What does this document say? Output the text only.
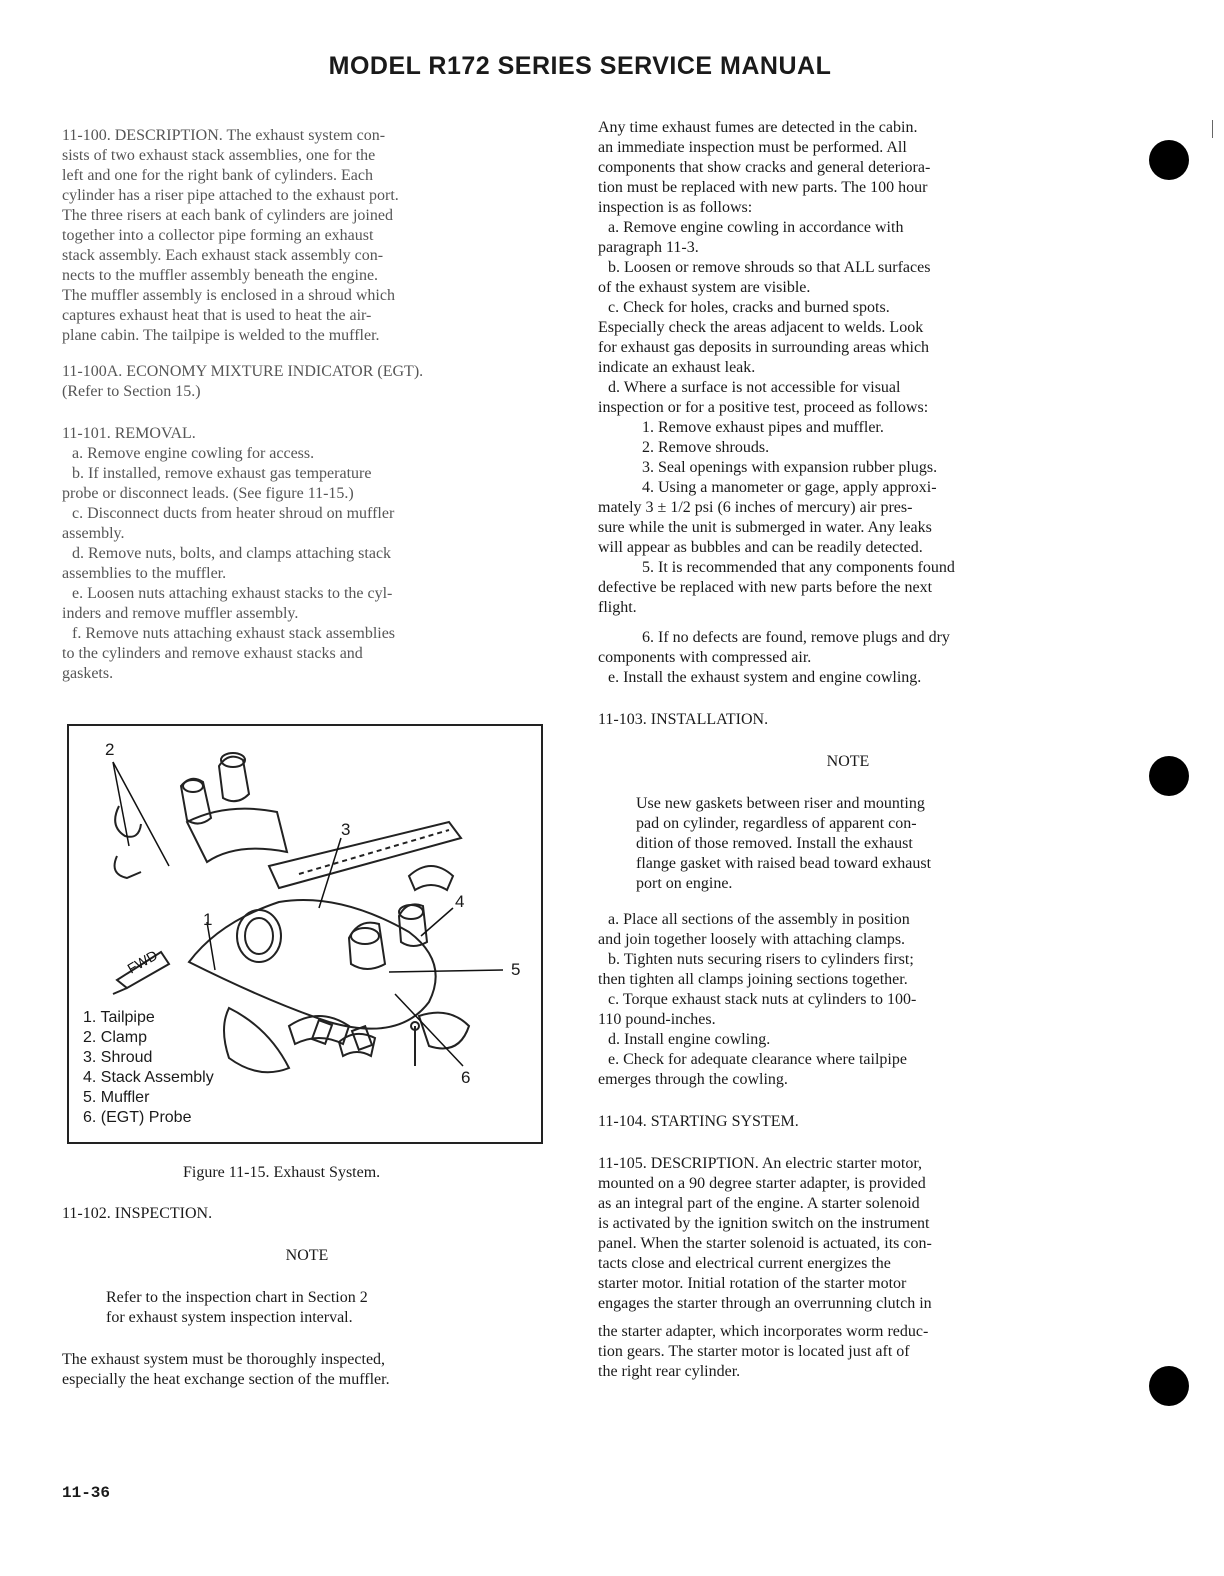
MODEL R172 SERIES SERVICE MANUAL
11-100. DESCRIPTION. The exhaust system con-
sists of two exhaust stack assemblies, one for the
left and one for the right bank of cylinders. Each
cylinder has a riser pipe attached to the exhaust port.
The three risers at each bank of cylinders are joined
together into a collector pipe forming an exhaust
stack assembly. Each exhaust stack assembly con-
nects to the muffler assembly beneath the engine.
The muffler assembly is enclosed in a shroud which
captures exhaust heat that is used to heat the air-
plane cabin. The tailpipe is welded to the muffler.
11-100A. ECONOMY MIXTURE INDICATOR (EGT).
(Refer to Section 15.)
11-101. REMOVAL.
a. Remove engine cowling for access.
b. If installed, remove exhaust gas temperature
probe or disconnect leads. (See figure 11-15.)
c. Disconnect ducts from heater shroud on muffler
assembly.
d. Remove nuts, bolts, and clamps attaching stack
assemblies to the muffler.
e. Loosen nuts attaching exhaust stacks to the cyl-
inders and remove muffler assembly.
f. Remove nuts attaching exhaust stack assemblies
to the cylinders and remove exhaust stacks and
gaskets.
FWD
2
3
4
5
6
1
1. Tailpipe
2. Clamp
3. Shroud
4. Stack Assembly
5. Muffler
6. (EGT) Probe
Figure 11-15. Exhaust System.
11-102. INSPECTION.
NOTE
Refer to the inspection chart in Section 2
for exhaust system inspection interval.
The exhaust system must be thoroughly inspected,
especially the heat exchange section of the muffler.
Any time exhaust fumes are detected in the cabin.
an immediate inspection must be performed. All
components that show cracks and general deteriora-
tion must be replaced with new parts. The 100 hour
inspection is as follows:
a. Remove engine cowling in accordance with
paragraph 11-3.
b. Loosen or remove shrouds so that ALL surfaces
of the exhaust system are visible.
c. Check for holes, cracks and burned spots.
Especially check the areas adjacent to welds. Look
for exhaust gas deposits in surrounding areas which
indicate an exhaust leak.
d. Where a surface is not accessible for visual
inspection or for a positive test, proceed as follows:
1. Remove exhaust pipes and muffler.
2. Remove shrouds.
3. Seal openings with expansion rubber plugs.
4. Using a manometer or gage, apply approxi-
mately 3 ± 1/2 psi (6 inches of mercury) air pres-
sure while the unit is submerged in water. Any leaks
will appear as bubbles and can be readily detected.
5. It is recommended that any components found
defective be replaced with new parts before the next
flight.
6. If no defects are found, remove plugs and dry
components with compressed air.
e. Install the exhaust system and engine cowling.
11-103. INSTALLATION.
NOTE
Use new gaskets between riser and mounting
pad on cylinder, regardless of apparent con-
dition of those removed. Install the exhaust
flange gasket with raised bead toward exhaust
port on engine.
a. Place all sections of the assembly in position
and join together loosely with attaching clamps.
b. Tighten nuts securing risers to cylinders first;
then tighten all clamps joining sections together.
c. Torque exhaust stack nuts at cylinders to 100-
110 pound-inches.
d. Install engine cowling.
e. Check for adequate clearance where tailpipe
emerges through the cowling.
11-104. STARTING SYSTEM.
11-105. DESCRIPTION. An electric starter motor,
mounted on a 90 degree starter adapter, is provided
as an integral part of the engine. A starter solenoid
is activated by the ignition switch on the instrument
panel. When the starter solenoid is actuated, its con-
tacts close and electrical current energizes the
starter motor. Initial rotation of the starter motor
engages the starter through an overrunning clutch in
the starter adapter, which incorporates worm reduc-
tion gears. The starter motor is located just aft of
the right rear cylinder.
11-36
